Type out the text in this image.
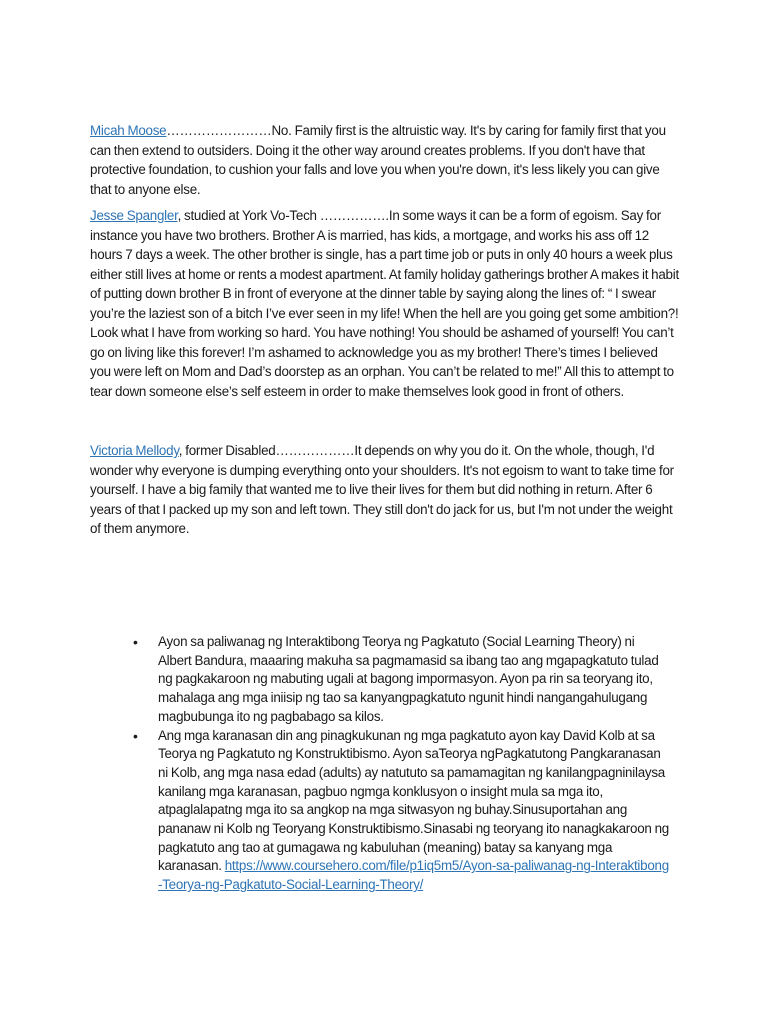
Micah Moose……………………No. Family first is the altruistic way. It's by caring for family first that you can then extend to outsiders. Doing it the other way around creates problems. If you don't have that protective foundation, to cushion your falls and love you when you're down, it's less likely you can give that to anyone else.

Jesse Spangler, studied at York Vo-Tech …………….In some ways it can be a form of egoism. Say for instance you have two brothers. Brother A is married, has kids, a mortgage, and works his ass off 12 hours 7 days a week. The other brother is single, has a part time job or puts in only 40 hours a week plus either still lives at home or rents a modest apartment. At family holiday gatherings brother A makes it habit of putting down brother B in front of everyone at the dinner table by saying along the lines of: “ I swear you’re the laziest son of a bitch I’ve ever seen in my life! When the hell are you going get some ambition?! Look what I have from working so hard. You have nothing! You should be ashamed of yourself! You can’t go on living like this forever! I’m ashamed to acknowledge you as my brother! There’s times I believed you were left on Mom and Dad’s doorstep as an orphan. You can’t be related to me!” All this to attempt to tear down someone else’s self esteem in order to make themselves look good in front of others.

Victoria Mellody, former Disabled………………It depends on why you do it. On the whole, though, I'd wonder why everyone is dumping everything onto your shoulders. It's not egoism to want to take time for yourself. I have a big family that wanted me to live their lives for them but did nothing in return. After 6 years of that I packed up my son and left town. They still don't do jack for us, but I'm not under the weight of them anymore.

• Ayon sa paliwanag ng Interaktibong Teorya ng Pagkatuto (Social Learning Theory) ni Albert Bandura, maaaring makuha sa pagmamasid sa ibang tao ang mgapagkatuto tulad ng pagkakaroon ng mabuting ugali at bagong impormasyon. Ayon pa rin sa teoryang ito, mahalaga ang mga iniisip ng tao sa kanyangpagkatuto ngunit hindi nangangahulugang magbubunga ito ng pagbabago sa kilos.
• Ang mga karanasan din ang pinagkukunan ng mga pagkatuto ayon kay David Kolb at sa Teorya ng Pagkatuto ng Konstruktibismo. Ayon saTeorya ngPagkatutong Pangkaranasan ni Kolb, ang mga nasa edad (adults) ay natututo sa pamamagitan ng kanilangpagninilaysa kanilang mga karanasan, pagbuo ngmga konklusyon o insight mula sa mga ito, atpaglalapatng mga ito sa angkop na mga sitwasyon ng buhay.Sinusuportahan ang pananaw ni Kolb ng Teoryang Konstruktibismo.Sinasabi ng teoryang ito nanagkakaroon ng pagkatuto ang tao at gumagawa ng kabuluhan (meaning) batay sa kanyang mga karanasan. https://www.coursehero.com/file/p1iq5m5/Ayon-sa-paliwanag-ng-Interaktibong-Teorya-ng-Pagkatuto-Social-Learning-Theory/
